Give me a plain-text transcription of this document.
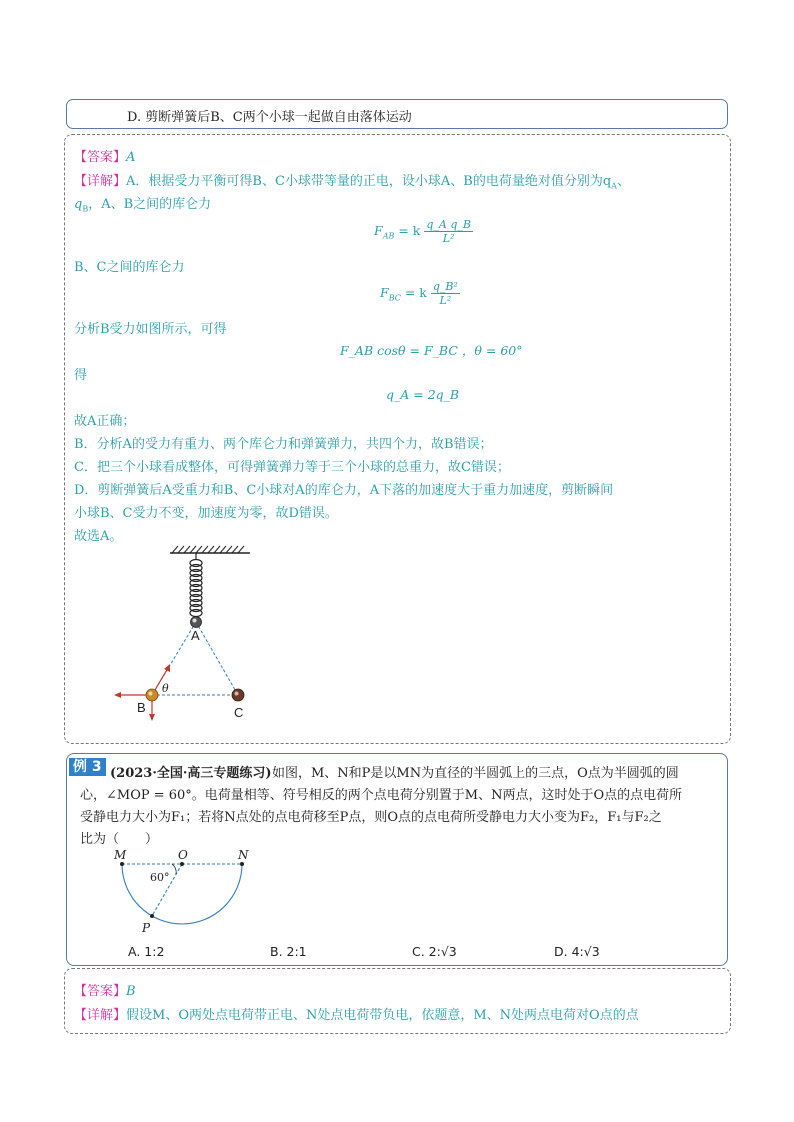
D. 剪断弹簧后B、C两个小球一起做自由落体运动
【答案】A
【详解】A．根据受力平衡可得B、C小球带等量的正电，设小球A、B的电荷量绝对值分别为$q_A$、
$q_B$，A、B之间的库仑力
$F_{AB} = k \frac{\text{q\_A q\_B}}{\text{L²}}$
B、C之间的库仑力
$F_{BC} = k \frac{\text{q\_B²}}{\text{L²}}$
分析B受力如图所示，可得
F_AB cosθ = F_BC ，θ = 60°
得
q_A = 2q_B
故A正确；
B．分析A的受力有重力、两个库仑力和弹簧弹力，共四个力，故B错误；
C．把三个小球看成整体，可得弹簧弹力等于三个小球的总重力，故C错误；
D．剪断弹簧后A受重力和B、C小球对A的库仑力，A下落的加速度大于重力加速度，剪断瞬间
小球B、C受力不变，加速度为零，故D错误。
故选A。
A
B	C
θ
例 3 (2023·全国·高三专题练习) 如图，M、N和P是以MN为直径的半圆弧上的三点，O点为半圆弧的圆
心，∠MOP = 60°。电荷量相等、符号相反的两个点电荷分别置于M、N两点，这时处于O点的点电荷所
受静电力大小为F₁；若将N点处的点电荷移至P点，则O点的点电荷所受静电力大小变为F₂，F₁与F₂之
比为（　　）
M	O	N
P
60°
A. 1:2	B. 2:1	C. 2:√3	D. 4:√3
【答案】B
【详解】假设M、O两处点电荷带正电、N处点电荷带负电，依题意，M、N处两点电荷对O点的点
